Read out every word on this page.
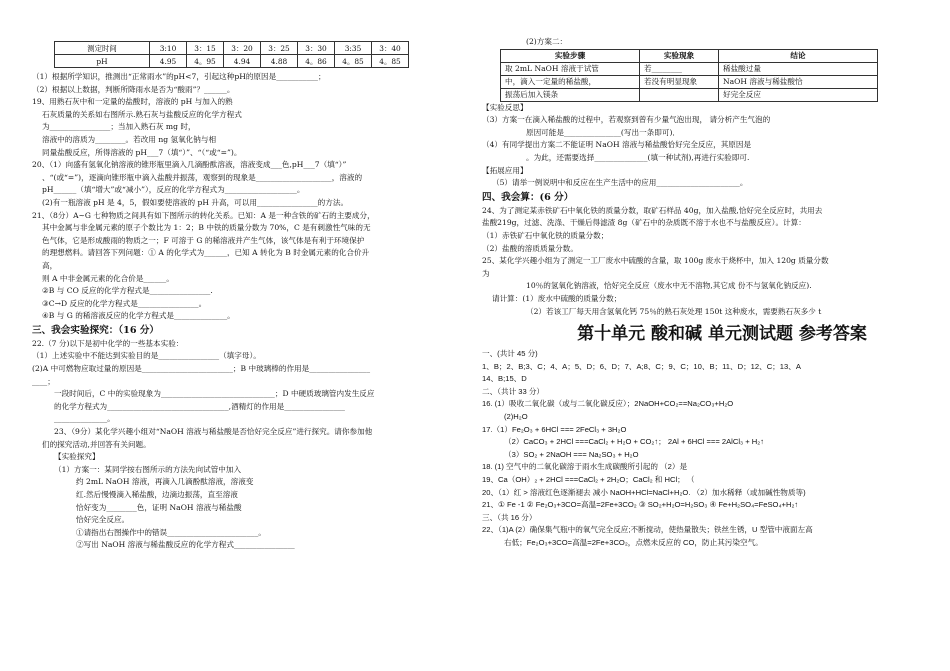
测定时间	3:10	3：15	3：20	3：25	3：30	3:35	3：40
pH	4.95	4。95	4.94	4.88	4。86	4。85	4。85
（1）根据所学知识，推测出“正常雨水”的pH<7，引起这种pH的原因是___________；
（2）根据以上数据，判断所降雨水是否为“酸雨”？______。
19、用熟石灰中和一定量的盐酸时，溶液的 pH 与加入的熟
石灰质量的关系如右图所示.熟石灰与盐酸反应的化学方程式
为________________；当加入熟石灰 mg 时，
溶液中的溶质为________。若改用 ng 氢氧化钠与相
同量盐酸反应，所得溶液的 pH___7（填“）”、“（“或“=”)。
20、（1）向盛有氢氧化钠溶液的锥形瓶里滴入几滴酚酞溶液，溶液变成___色,pH___7（填“）”
、“(或“=”)，逐滴向锥形瓶中滴入盐酸并振荡，观察到的现象是____________________，溶液的
pH______（填“增大”或“减小”），反应的化学方程式为___________________。
(2)有一瓶溶液 pH 是 4，5，假如要使溶液的 pH 升高，可以用________________的方法。
21、（8分）A~G 七种物质之间具有如下图所示的转化关系。已知：A 是一种含铁的矿石的主要成分，
其中金属与非金属元素的原子个数比为 1：2；B 中铁的质量分数为 70%，C 是有刺激性气味的无
色气体，它是形成酸雨的物质之一；F 可溶于 G 的稀溶液并产生气体，该气体是有利于环境保护
的理想燃料。请回答下列问题：① A 的化学式为______，已知 A 转化为 B 时金属元素的化合价升
高，
则 A 中非金属元素的化合价是______。
②B 与 CO 反应的化学方程式是________________.
③C→D 反应的化学方程式是________________。
④B 与 G 的稀溶液反应的化学方程式是______________。
三、我会实验探究：（16 分）
22.（7 分)以下是初中化学的一些基本实验：
（1）上述实验中不能达到实验目的是________________（填字母）。
(2)A 中可燃物应取过量的原因是________________________；B 中玻璃棒的作用是________________
____；
一段时间后，C 中的实验现象为______________________________；D 中硬质玻璃管内发生反应
的化学方程式为________________________________,酒精灯的作用是________________
______________。
23、（9分）某化学兴趣小组对“NaOH 溶液与稀盐酸是否恰好完全反应”进行探究。请你参加他
们的探究活动,并回答有关问题。
【实验探究】
（1）方案一：某同学按右图所示的方法先向试管中加入
约 2mL NaOH 溶液，再滴入几滴酚酞溶液，溶液变
红.然后慢慢滴入稀盐酸，边滴边振荡，直至溶液
恰好变为________色，证明 NaOH 溶液与稀盐酸
恰好完全反应。
①请指出右图操作中的错误________________________。
②写出 NaOH 溶液与稀盐酸反应的化学方程式________________
(2)方案二：
实验步骤	实验现象	结论
取 2mL NaOH 溶液于试管	若________	稀盐酸过量
中，滴入一定量的稀盐酸，	若没有明显现象	NaOH 溶液与稀盐酸恰
振荡后加入镁条		好完全反应
【实验反思】
（3）方案一在滴入稀盐酸的过程中，若观察到曾有少量气泡出现， 请分析产生气泡的
原因可能是_______________(写出一条即可)．
（4）有同学提出方案二不能证明 NaOH 溶液与稀盐酸恰好完全反应，其原因是
。为此，还需要选择______________(填一种试剂),再进行实验即可.
【拓展应用】
（5）请举一例说明中和反应在生产生活中的应用______________________。
四、我会算：(6 分）
24、为了测定某赤铁矿石中氧化铁的质量分数，取矿石样品 40g，加入盐酸,恰好完全反应时，共用去
盐酸219g，过滤、洗涤、干燥后得滤渣 8g（矿石中的杂质既不溶于水也不与盐酸反应）。计算：
（1）赤铁矿石中氧化铁的质量分数；
（2）盐酸的溶质质量分数。
25、某化学兴趣小组为了测定一工厂废水中硫酸的含量，取 100g 废水于烧杯中，加入 120g 质量分数
为
10％的氢氧化钠溶液，恰好完全反应（废水中无不溶物,其它成 份不与氢氧化钠反应).
请计算：(1）废水中硫酸的质量分数；
（2）若该工厂每天用含氢氧化钙 75％的熟石灰处理 150t 这种废水，需要熟石灰多少 t
第十单元 酸和碱 单元测试题 参考答案
一、(共计 45 分)
1、B；2、B;3、C；4、A；5、D；6、D；7、A;8、C；9、C；10、B；11、D；12、C；13、A
14、B;15、D
二、（共计 33 分）
16. (1）吸收二氧化碳（或与二氧化碳反应）；2NaOH+CO₂==Na₂CO₃+H₂O
(2)H₂O
17.（1）Fe₂O₃ + 6HCl === 2FeCl₃ + 3H₂O
（2）CaCO₃ + 2HCl ===CaCl₂ + H₂O + CO₂↑； 2Al + 6HCl === 2AlCl₃ + H₂↑
（3）SO₂ + 2NaOH === Na₂SO₃ + H₂O
18. (1) 空气中的二氧化碳溶于雨水生成碳酸所引起的 （2）是
19、Ca（OH）₂ + 2HCl ===CaCl₂ + 2H₂O；CaCl₂ 和 HCl； （
20、（1）红 > 溶液红色逐渐褪去 减小 NaOH+HCl=NaCl+H₂O. （2）加水稀释（或加碱性物质等)
21、① Fe -1 ② Fe₂O₃+3CO=高温=2Fe+3CO₂ ③ SO₂+H₂O=H₂SO₃ ④ Fe+H₂SO₄=FeSO₄+H₂↑
三、（共 16 分）
22、（1)A (2）确保集气瓶中的氧气完全反应;不断搅动，使热量散失；铁丝生锈，U 型管中液面左高
右低；Fe₂O₃+3CO=高温=2Fe+3CO₂，点燃未反应的 CO，防止其污染空气。
